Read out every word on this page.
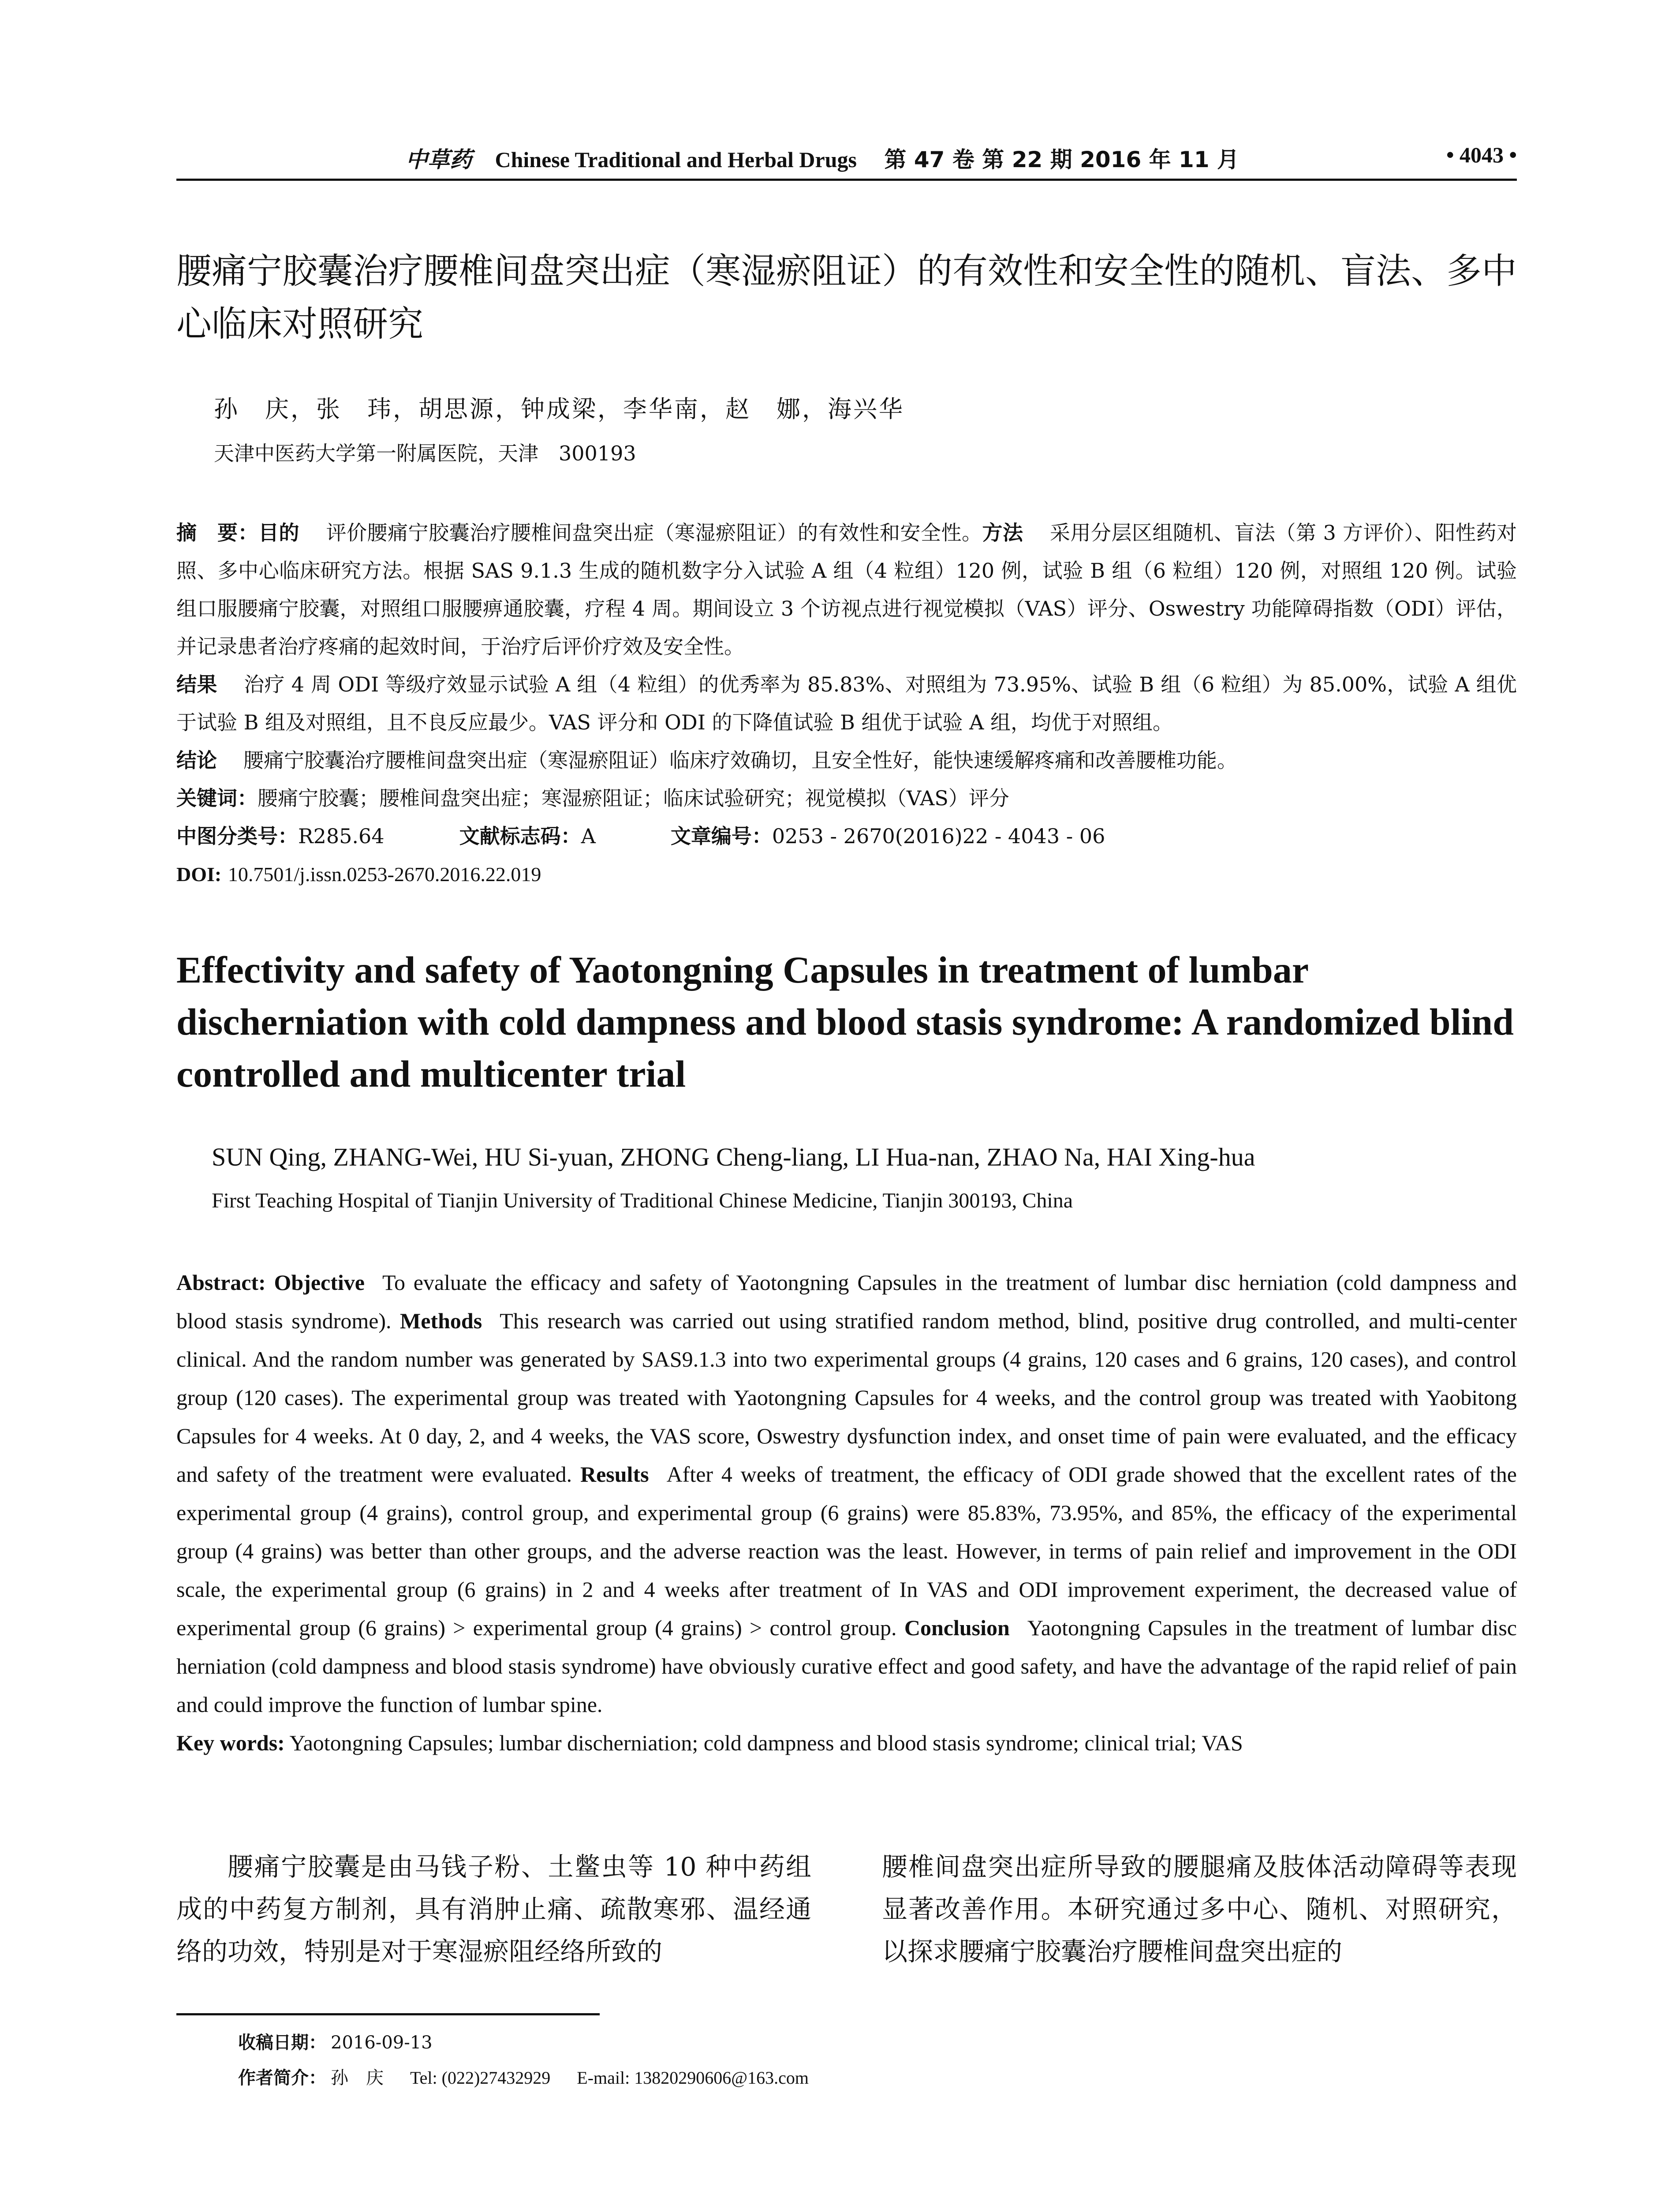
中草药 Chinese Traditional and Herbal Drugs 第 47 卷 第 22 期 2016 年 11 月	• 4043 •
腰痛宁胶囊治疗腰椎间盘突出症（寒湿瘀阻证）的有效性和安全性的随机、盲法、多中心临床对照研究
孙　庆，张　玮，胡思源，钟成梁，李华南，赵　娜，海兴华
天津中医药大学第一附属医院，天津　300193

摘　要：目的 评价腰痛宁胶囊治疗腰椎间盘突出症（寒湿瘀阻证）的有效性和安全性。方法 采用分层区组随机、盲法（第 3 方评价）、阳性药对照、多中心临床研究方法。根据 SAS 9.1.3 生成的随机数字分入试验 A 组（4 粒组）120 例，试验 B 组（6 粒组）120 例，对照组 120 例。试验组口服腰痛宁胶囊，对照组口服腰痹通胶囊，疗程 4 周。期间设立 3 个访视点进行视觉模拟（VAS）评分、Oswestry 功能障碍指数（ODI）评估，并记录患者治疗疼痛的起效时间，于治疗后评价疗效及安全性。

结果 治疗 4 周 ODI 等级疗效显示试验 A 组（4 粒组）的优秀率为 85.83%、对照组为 73.95%、试验 B 组（6 粒组）为 85.00%，试验 A 组优于试验 B 组及对照组，且不良反应最少。VAS 评分和 ODI 的下降值试验 B 组优于试验 A 组，均优于对照组。

结论 腰痛宁胶囊治疗腰椎间盘突出症（寒湿瘀阻证）临床疗效确切，且安全性好，能快速缓解疼痛和改善腰椎功能。

关键词：腰痛宁胶囊；腰椎间盘突出症；寒湿瘀阻证；临床试验研究；视觉模拟（VAS）评分

中图分类号：R285.64	文献标志码：A	文章编号：0253 - 2670(2016)22 - 4043 - 06

DOI: 10.7501/j.issn.0253-2670.2016.22.019

Effectivity and safety of Yaotongning Capsules in treatment of lumbar discherniation with cold dampness and blood stasis syndrome: A randomized blind controlled and multicenter trial
SUN Qing, ZHANG-Wei, HU Si-yuan, ZHONG Cheng-liang, LI Hua-nan, ZHAO Na, HAI Xing-hua
First Teaching Hospital of Tianjin University of Traditional Chinese Medicine, Tianjin 300193, China

Abstract: Objective To evaluate the efficacy and safety of Yaotongning Capsules in the treatment of lumbar disc herniation (cold dampness and blood stasis syndrome). Methods This research was carried out using stratified random method, blind, positive drug controlled, and multi-center clinical. And the random number was generated by SAS9.1.3 into two experimental groups (4 grains, 120 cases and 6 grains, 120 cases), and control group (120 cases). The experimental group was treated with Yaotongning Capsules for 4 weeks, and the control group was treated with Yaobitong Capsules for 4 weeks. At 0 day, 2, and 4 weeks, the VAS score, Oswestry dysfunction index, and onset time of pain were evaluated, and the efficacy and safety of the treatment were evaluated. Results After 4 weeks of treatment, the efficacy of ODI grade showed that the excellent rates of the experimental group (4 grains), control group, and experimental group (6 grains) were 85.83%, 73.95%, and 85%, the efficacy of the experimental group (4 grains) was better than other groups, and the adverse reaction was the least. However, in terms of pain relief and improvement in the ODI scale, the experimental group (6 grains) in 2 and 4 weeks after treatment of In VAS and ODI improvement experiment, the decreased value of experimental group (6 grains) > experimental group (4 grains) > control group. Conclusion Yaotongning Capsules in the treatment of lumbar disc herniation (cold dampness and blood stasis syndrome) have obviously curative effect and good safety, and have the advantage of the rapid relief of pain and could improve the function of lumbar spine.

Key words: Yaotongning Capsules; lumbar discherniation; cold dampness and blood stasis syndrome; clinical trial; VAS

腰痛宁胶囊是由马钱子粉、土鳖虫等 10 种中药组成的中药复方制剂，具有消肿止痛、疏散寒邪、温经通络的功效，特别是对于寒湿瘀阻经络所致的
腰椎间盘突出症所导致的腰腿痛及肢体活动障碍等表现显著改善作用。本研究通过多中心、随机、对照研究，以探求腰痛宁胶囊治疗腰椎间盘突出症的
收稿日期： 2016-09-13
作者简介： 孙　庆 Tel: (022)27432929 E-mail: 13820290606@163.com
